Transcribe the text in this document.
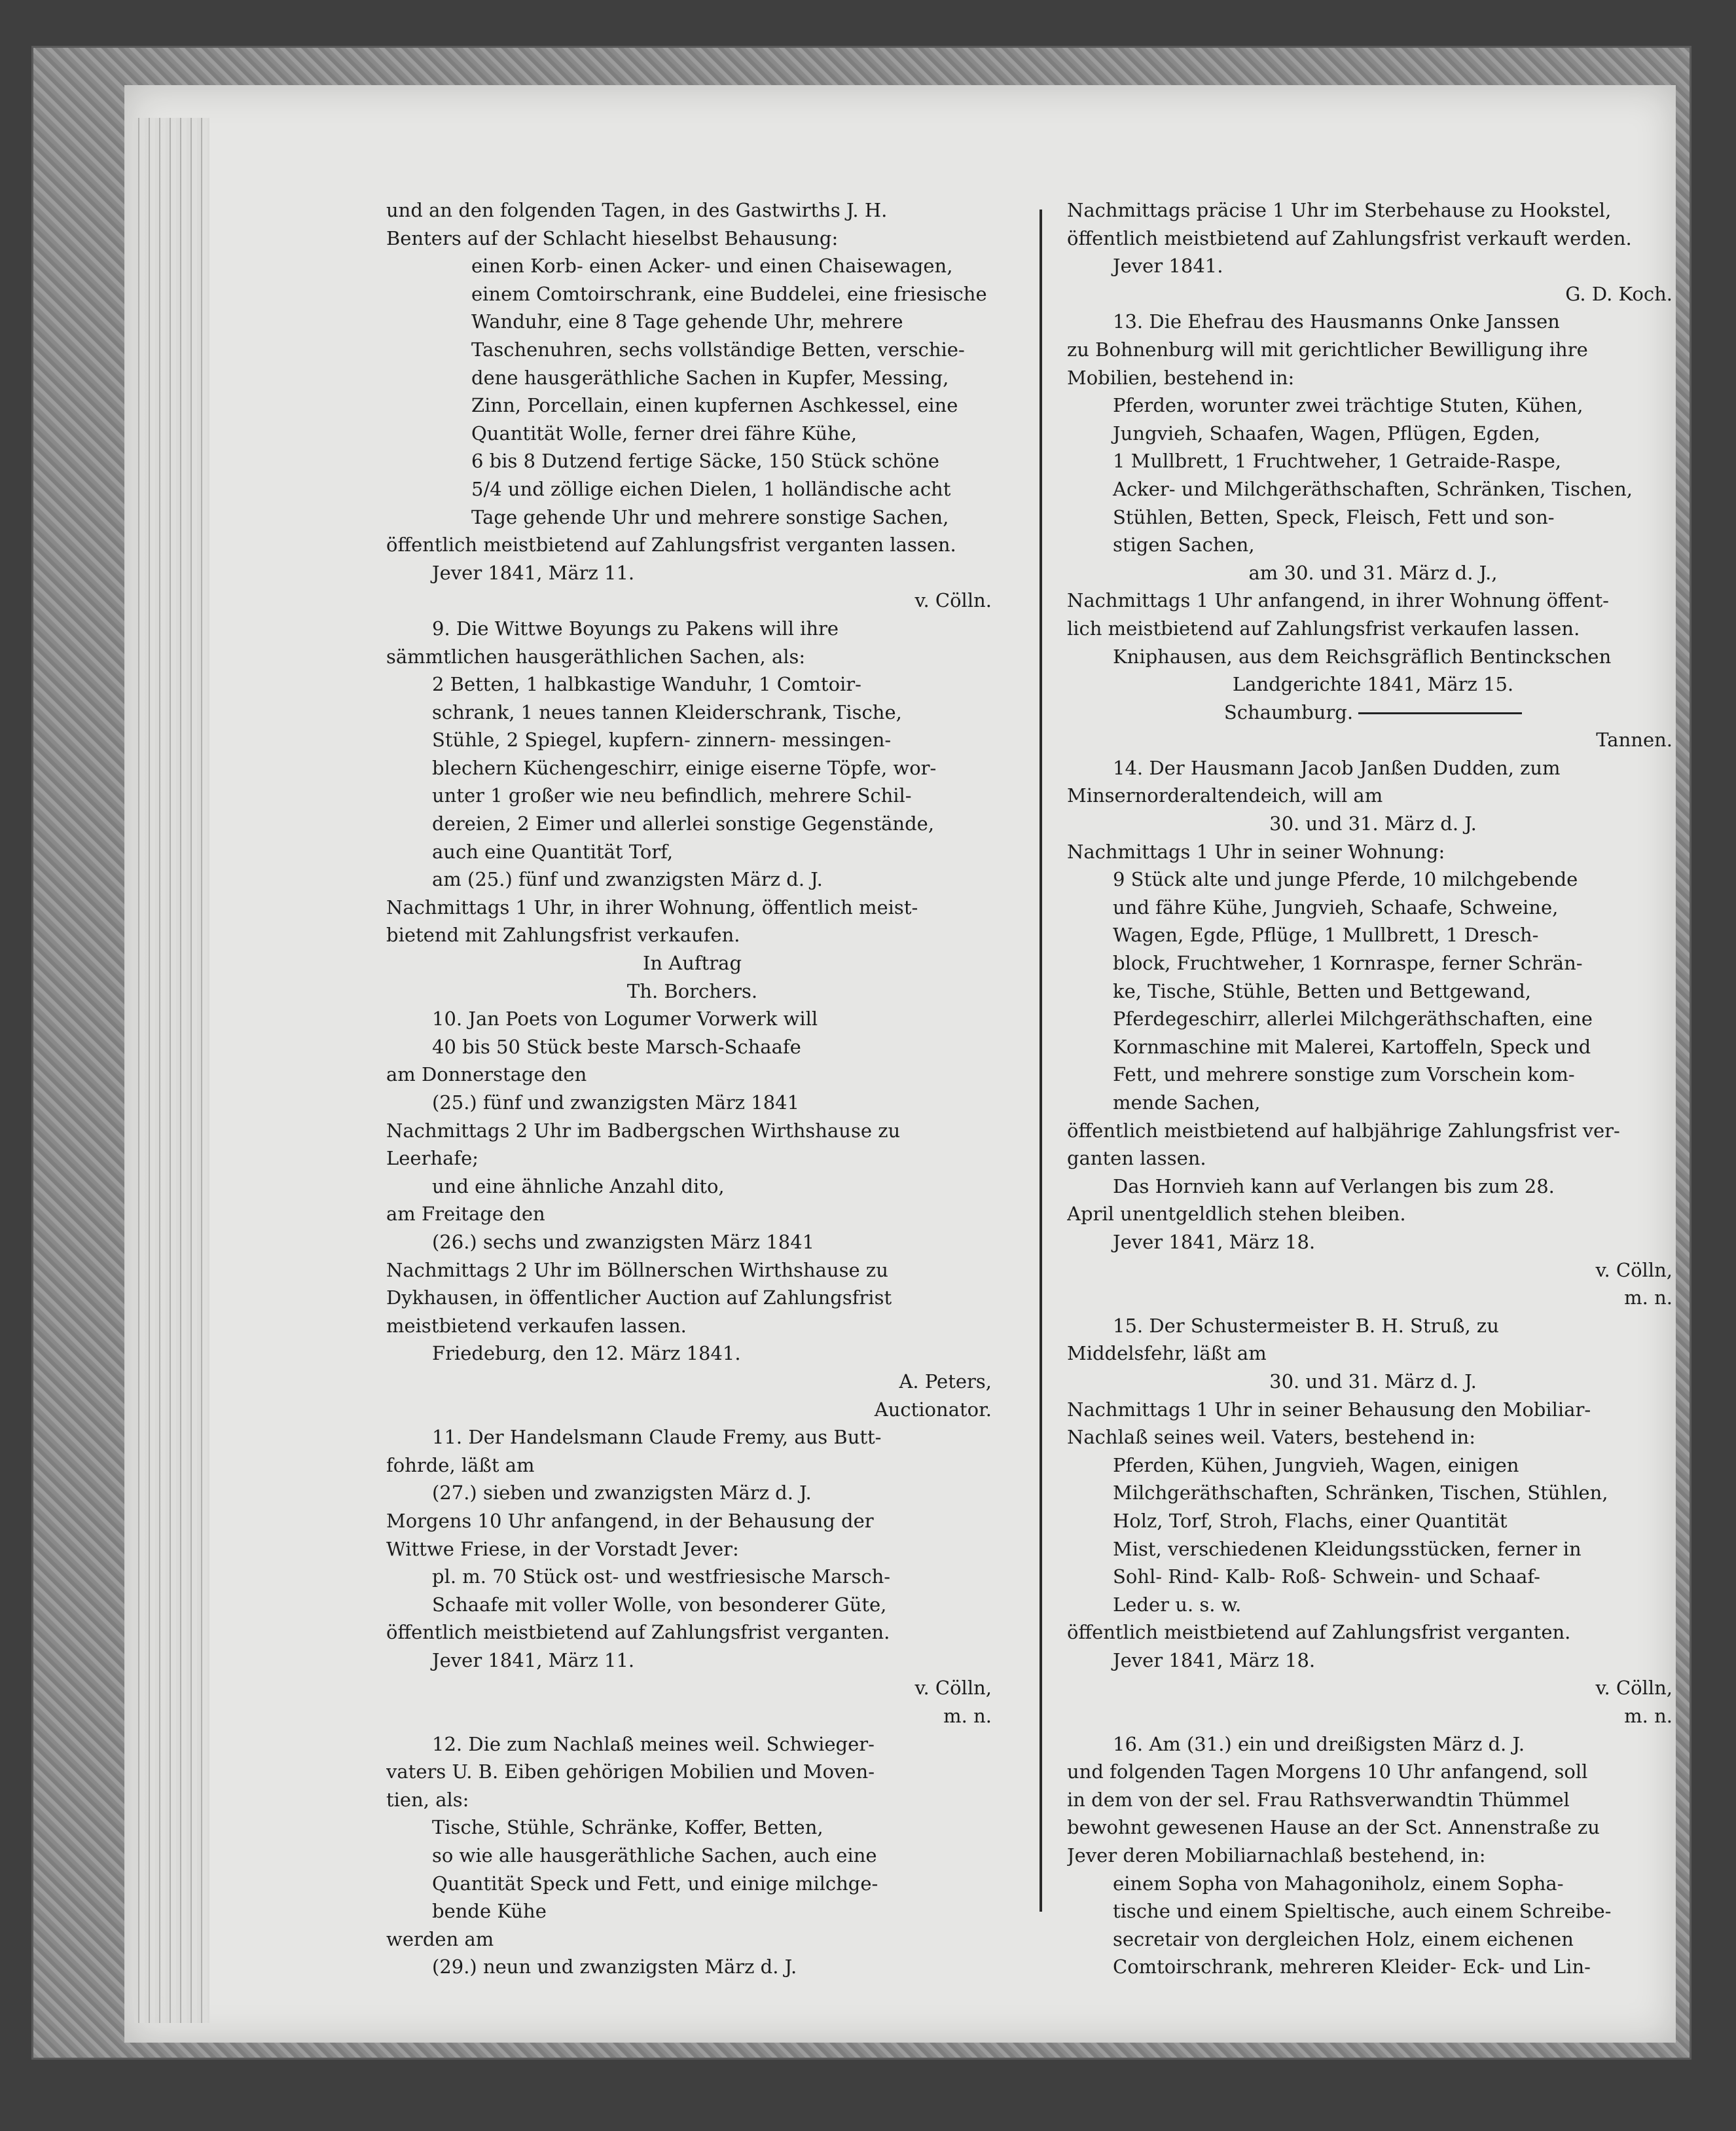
und an den folgenden Tagen, in des Gastwirths J. H.
Benters auf der Schlacht hieselbst Behausung:
einen Korb- einen Acker- und einen Chaisewagen,
einem Comtoirschrank, eine Buddelei, eine friesische
Wanduhr, eine 8 Tage gehende Uhr, mehrere
Taschenuhren, sechs vollständige Betten, verschie-
dene hausgeräthliche Sachen in Kupfer, Messing,
Zinn, Porcellain, einen kupfernen Aschkessel, eine
Quantität Wolle, ferner drei fähre Kühe,
6 bis 8 Dutzend fertige Säcke, 150 Stück schöne
5/4 und zöllige eichen Dielen, 1 holländische acht
Tage gehende Uhr und mehrere sonstige Sachen,
öffentlich meistbietend auf Zahlungsfrist verganten lassen.
Jever 1841, März 11.
v. Cölln.
9. Die Wittwe Boyungs zu Pakens will ihre
sämmtlichen hausgeräthlichen Sachen, als:
2 Betten, 1 halbkastige Wanduhr, 1 Comtoir-
schrank, 1 neues tannen Kleiderschrank, Tische,
Stühle, 2 Spiegel, kupfern- zinnern- messingen-
blechern Küchengeschirr, einige eiserne Töpfe, wor-
unter 1 großer wie neu befindlich, mehrere Schil-
dereien, 2 Eimer und allerlei sonstige Gegenstände,
auch eine Quantität Torf,
am (25.) fünf und zwanzigsten März d. J.
Nachmittags 1 Uhr, in ihrer Wohnung, öffentlich meist-
bietend mit Zahlungsfrist verkaufen.
In Auftrag
Th. Borchers.
10. Jan Poets von Logumer Vorwerk will
40 bis 50 Stück beste Marsch-Schaafe
am Donnerstage den
(25.) fünf und zwanzigsten März 1841
Nachmittags 2 Uhr im Badbergschen Wirthshause zu
Leerhafe;
und eine ähnliche Anzahl dito,
am Freitage den
(26.) sechs und zwanzigsten März 1841
Nachmittags 2 Uhr im Böllnerschen Wirthshause zu
Dykhausen, in öffentlicher Auction auf Zahlungsfrist
meistbietend verkaufen lassen.
Friedeburg, den 12. März 1841.
A. Peters,
Auctionator.
11. Der Handelsmann Claude Fremy, aus Butt-
fohrde, läßt am
(27.) sieben und zwanzigsten März d. J.
Morgens 10 Uhr anfangend, in der Behausung der
Wittwe Friese, in der Vorstadt Jever:
pl. m. 70 Stück ost- und westfriesische Marsch-
Schaafe mit voller Wolle, von besonderer Güte,
öffentlich meistbietend auf Zahlungsfrist verganten.
Jever 1841, März 11.
v. Cölln,
m. n.
12. Die zum Nachlaß meines weil. Schwieger-
vaters U. B. Eiben gehörigen Mobilien und Moven-
tien, als:
Tische, Stühle, Schränke, Koffer, Betten,
so wie alle hausgeräthliche Sachen, auch eine
Quantität Speck und Fett, und einige milchge-
bende Kühe
werden am
(29.) neun und zwanzigsten März d. J.
Nachmittags präcise 1 Uhr im Sterbehause zu Hookstel,
öffentlich meistbietend auf Zahlungsfrist verkauft werden.
Jever 1841.
G. D. Koch.
13. Die Ehefrau des Hausmanns Onke Janssen
zu Bohnenburg will mit gerichtlicher Bewilligung ihre
Mobilien, bestehend in:
Pferden, worunter zwei trächtige Stuten, Kühen,
Jungvieh, Schaafen, Wagen, Pflügen, Egden,
1 Mullbrett, 1 Fruchtweher, 1 Getraide-Raspe,
Acker- und Milchgeräthschaften, Schränken, Tischen,
Stühlen, Betten, Speck, Fleisch, Fett und son-
stigen Sachen,
am 30. und 31. März d. J.,
Nachmittags 1 Uhr anfangend, in ihrer Wohnung öffent-
lich meistbietend auf Zahlungsfrist verkaufen lassen.
Kniphausen, aus dem Reichsgräflich Bentinckschen
Landgerichte 1841, März 15.
Schaumburg.
Tannen.
14. Der Hausmann Jacob Janßen Dudden, zum
Minsernorderaltendeich, will am
30. und 31. März d. J.
Nachmittags 1 Uhr in seiner Wohnung:
9 Stück alte und junge Pferde, 10 milchgebende
und fähre Kühe, Jungvieh, Schaafe, Schweine,
Wagen, Egde, Pflüge, 1 Mullbrett, 1 Dresch-
block, Fruchtweher, 1 Kornraspe, ferner Schrän-
ke, Tische, Stühle, Betten und Bettgewand,
Pferdegeschirr, allerlei Milchgeräthschaften, eine
Kornmaschine mit Malerei, Kartoffeln, Speck und
Fett, und mehrere sonstige zum Vorschein kom-
mende Sachen,
öffentlich meistbietend auf halbjährige Zahlungsfrist ver-
ganten lassen.
Das Hornvieh kann auf Verlangen bis zum 28.
April unentgeldlich stehen bleiben.
Jever 1841, März 18.
v. Cölln,
m. n.
15. Der Schustermeister B. H. Struß, zu
Middelsfehr, läßt am
30. und 31. März d. J.
Nachmittags 1 Uhr in seiner Behausung den Mobiliar-
Nachlaß seines weil. Vaters, bestehend in:
Pferden, Kühen, Jungvieh, Wagen, einigen
Milchgeräthschaften, Schränken, Tischen, Stühlen,
Holz, Torf, Stroh, Flachs, einer Quantität
Mist, verschiedenen Kleidungsstücken, ferner in
Sohl- Rind- Kalb- Roß- Schwein- und Schaaf-
Leder u. s. w.
öffentlich meistbietend auf Zahlungsfrist verganten.
Jever 1841, März 18.
v. Cölln,
m. n.
16. Am (31.) ein und dreißigsten März d. J.
und folgenden Tagen Morgens 10 Uhr anfangend, soll
in dem von der sel. Frau Rathsverwandtin Thümmel
bewohnt gewesenen Hause an der Sct. Annenstraße zu
Jever deren Mobiliarnachlaß bestehend, in:
einem Sopha von Mahagoniholz, einem Sopha-
tische und einem Spieltische, auch einem Schreibe-
secretair von dergleichen Holz, einem eichenen
Comtoirschrank, mehreren Kleider- Eck- und Lin-
